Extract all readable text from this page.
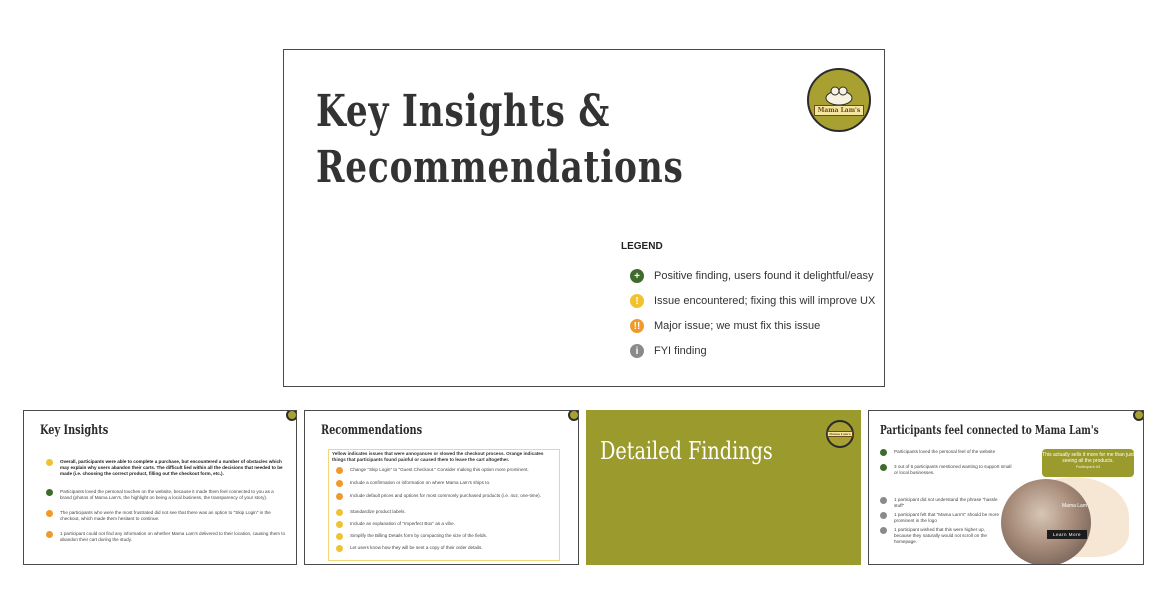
Key Insights &
Recommendations
Mama Lam's
LEGEND
+	Positive finding, users found it delightful/easy
!	Issue encountered; fixing this will improve UX
!!	Major issue; we must fix this issue
i	FYI finding
Key Insights
Overall, participants were able to complete a purchase, but encountered a number of obstacles which may explain why users abandon their carts. The difficult lied within all the decisions that needed to be made (i.e. choosing the correct product, filling out the checkout form, etc.).
Participants loved the personal touches on the website, because it made them feel connected to you as a brand (photos of Mama Lam's, the highlight on being a local business, the transparency of your story).
The participants who were the most frustrated did not see that there was an option to "Skip Login" in the checkout, which made them hesitant to continue.
1 participant could not find any information on whether Mama Lam's delivered to their location, causing them to abandon their cart during the study.
Recommendations
Yellow indicates issues that were annoyances or slowed the checkout process. Orange indicates things that participants found painful or caused them to leave the cart altogether.
Change "Skip Login" to "Guest Checkout." Consider making this option more prominent.
Include a confirmation or information on where Mama Lam's ships to.
Include default prices and options for most commonly purchased products (i.e. 4oz, one-time).
Standardize product labels.
Include an explanation of "Imperfect Box" as a vibe.
Simplify the Billing Details form by compacting the size of the fields.
Let users know how they will be sent a copy of their order details.
Detailed Findings
Mama Lam's Participants feel connected to Mama Lam's
Participants loved the personal feel of the website
3 out of 6 participants mentioned wanting to support small or local businesses.
1 participant did not understand the phrase "hassle stuff"
1 participant felt that "Mama Lam's" should be more prominent in the logo
1 participant wished that this were higher up, because they naturally would not scroll on the homepage.
Mama Lam
Learn More
This actually sells it more for me than just seeing all the products.
Participant #3
